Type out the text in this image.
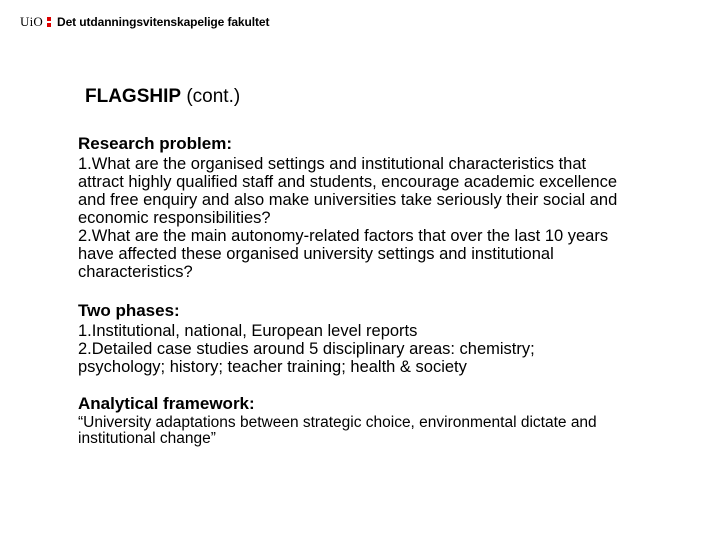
UiO Det utdanningsvitenskapelige fakultet
FLAGSHIP (cont.)

Research problem:

1.What are the organised settings and institutional characteristics that

attract highly qualified staff and students, encourage academic excellence

and free enquiry and also make universities take seriously their social and

economic responsibilities?

2.What are the main autonomy-related factors that over the last 10 years

have affected these organised university settings and institutional

characteristics?

Two phases:

1.Institutional, national, European level reports

2.Detailed case studies around 5 disciplinary areas: chemistry;

psychology; history; teacher training; health & society

Analytical framework:

“University adaptations between strategic choice, environmental dictate and

institutional change”
